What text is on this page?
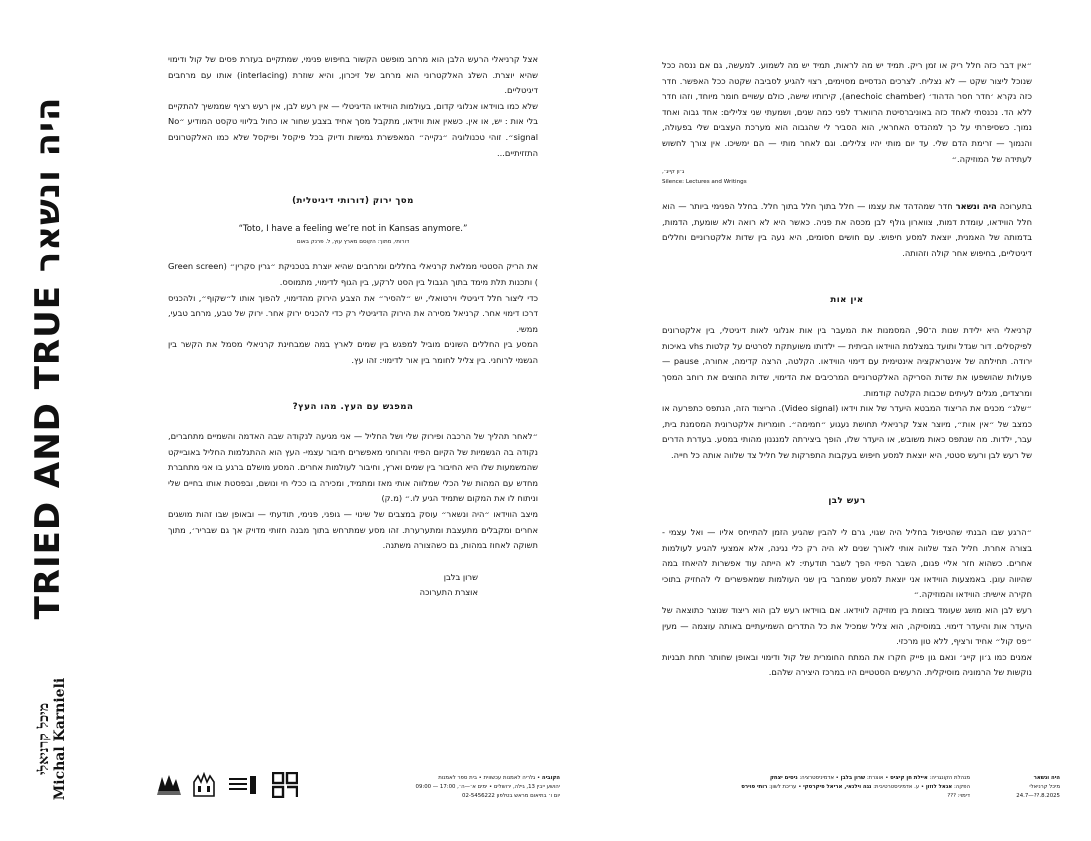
TRIED AND TRUE היה ונשאר
מיכל קרניאלי Michal Karnieli

״אין דבר כזה חלל ריק או זמן ריק. תמיד יש מה לראות, תמיד יש מה לשמוע. למעשה, גם אם ננסה ככל שנוכל ליצור שקט — לא נצליח. לצרכים הנדסיים מסוימים, רצוי להגיע לסביבה שקטה ככל האפשר. חדר כזה נקרא ׳חדר חסר הדהוד׳ (anechoic chamber), קירותיו שישה, כולם עשויים חומר מיוחד, וזהו חדר ללא הד. נכנסתי לאחד כזה באוניברסיטת הרווארד לפני כמה שנים, ושמעתי שני צלילים: אחד גבוה ואחד נמוך. כשסיפרתי על כך למהנדס האחראי, הוא הסביר לי שהגבוה הוא מערכת העצבים שלי בפעולה, והנמוך — זרימת הדם שלי. עד יום מותי יהיו צלילים. וגם לאחר מותי — הם ימשיכו. אין צורך לחשוש לעתידה של המוזיקה.״

ג׳ון קייג׳,
Silence: Lectures and Writings

בתערוכה היה ונשאר חדר שמהדהד את עצמו — חלל בתוך חלל בתוך חלל. בחלל הפנימי ביותר — הוא חלל הווידאו, עומדת דמות, צווארון גולף לבן מכסה את פניה. כאשר היא לא רואה ולא שומעת, הדמות, בדמותה של האמנית, יוצאת למסע חיפוש. עם חושים חסומים, היא נעה בין שדות אלקטרוניים וחללים דיגיטליים, בחיפוש אחר קולה וזהותה.

אין אות

קרניאלי היא ילידת שנות ה־90, המסמנות את המעבר בין אות אנלוגי לאות דיגיטלי, בין אלקטרונים לפיקסלים. דור שגדל ותועד במצלמת הווידאו הביתית — ילדותו משועתקת לסרטים על קלטות vhs באיכות ירודה. תחילתה של אינטראקציה אינטימית עם דימוי הווידאו. הקלטה, הרצה קדימה, אחורה, pause — פעולות שהושפעו את שדות הסריקה האלקטרוניים המרכיבים את הדימוי, שדות החוצים את רוחב המסך ומרצדים, מגלים לעיתים שכבות הקלטה קודמות.

״שלג״ מכנים את הריצוד המבטא היעדר של אות וידאו (Video signal). הריצוד הזה, הנתפס כתפרעה או כמצב של ״אין אות״, מיוצר אצל קרניאלי תחושת נעגוע ״חמימה״. חומריות אלקטרונית המסמנת בית, עבר, ילדות. מה שנתפס כאות משובש, או היעדר שלו, הופך ביצירתה למנגנון מהותי במסע. בעדרת הדרים של רעש לבן ורעש סטטי, היא יוצאת למסע חיפוש בעקבות התפרקות של חליל צד שלווה אותה כל חייה.

רעש לבן

״הרגע שבו הבנתי שהטיפול בחליל היה שגוי, גרם לי להבין שהגיע הזמן להתייחס אליו — ואל עצמי - בצורה אחרת. חליל הצד שלווה אותי לאורך שנים לא היה רק כלי נגינה, אלא אמצעי להגיע לעולמות אחרים. כשהוא חזר אליי פגום, השבר הפיזי הפך לשבר תודעתי: לא הייתה עוד אפשרות להיאחז במה שהיווה עוגן. באמצעות הווידאו אני יוצאת למסע שמחבר בין שני העולמות שמאפשרים לי להחזיק בתוכי חקירה אישית: הווידאו והמוזיקה.״

רעש לבן הוא מושג שעומד בצומת בין מוזיקה לווידאו. אם בווידאו רעש לבן הוא ריצוד שנוצר כתוצאה של היעדר אות והיעדר דימוי. במוסיקה, הוא צליל שמכיל את כל התדרים השמיעתיים באותה עוצמה — מעין ״פס קול״ אחיד ורציף, ללא טון מרכזי.

אמנים כמו ג׳ון קייג׳ ונאם גון פייק חקרו את המתח החומרית של קול ודימוי ובאופן שחותר תחת תבניות נוקשות של הרמוניה מוסיקלית. הרעשים הסטטיים היו במרכז היצירה שלהם.

אצל קרניאלי הרעש הלבן הוא מרחב מופשט הקשור בחיפוש פנימי, שמתקיים בעזרת פסים של קול ודימוי שהיא יוצרת. השלג האלקטרוני הוא מרחב של זיכרון, והיא שוזרת (interlacing) אותו עם מרחבים דיגיטליים.

שלא כמו בווידאו אנלוגי קדום, בעולמות הווידאו הדיגיטלי — אין רעש לבן, אין רעש רציף שממשיך להתקיים בלי אות : יש, או אין. כשאין אות ווידאו, מתקבל מסך אחיד בצבע שחור או כחול בליווי טקסט המודיע ״No signal״. זוהי טכנולוגיה ״נקייה״ המאפשרת גמישות ודיוק בכל פיקסל ופיקסל שלא כמו האלקטרונים התזזיתיים...

מסך ירוק (דורותי דיגיטלית)
“Toto, I have a feeling we’re not in Kansas anymore.”
דורותי, מתוך: הקוסם מארץ עוץ, ל. פרנק באום

את הריק הסטטי ממלאת קרניאלי בחללים ומרחבים שהיא יוצרת בטכניקת ״גרין סקרין״ (Green screen ) ותכנות תלת מימד בתוך הגבול בין הסט לרקע, בין הגוף לדימוי, מתמוסס.

כדי ליצור חלל דיגיטלי וירטואלי, יש ״להסיר״ את הצבע הירוק מהדימוי, להפוך אותו ל״שקוף״, ולהכניס דרכו דימוי אחר. קרניאל מסירה את הירוק הדיגיטלי רק כדי להכניס ירוק אחר. ירוק של טבע, מרחב טבעי, ממשי.

המסע בין החללים השונים מוביל למפגש בין שמים לארץ במה שמבחינת קרניאלי מסמל את הקשר בין הגשמי לרוחני. בין צליל לחומר בין אור לדימוי: זהו עץ.

המפגש עם העץ. מהו העץ?

״לאחר תהליך של הרכבה ופירוק שלי ושל החליל — אני מגיעה לנקודה שבה האדמה והשמיים מתחברים, נקודה בה הגשמיות של הקיום הפיזי והרוחני מאפשרים חיבור עצמי- העץ הוא ההתגלמות החליל באובייקט שהמשמעות שלו היא החיבור בין שמים וארץ, וחיבור לעולמות אחרים. המסע מושלם ברגע בו אני מתחברת מחדש עם המהות של הכלי שמלווה אותי מאז ומתמיד, ומכירה בו ככלי חי ונושם, ובפסטת אותו בחיים שלי וניתוח לו את המקום שתמיד הגיע לו.״ (מ.ק)

מיצב הווידאו ״היה ונשאר״ עוסק במצבים של שינוי — גופני, פנימי, תודעתי — ובאופן שבו זהות מושגים אחרים ומקבלים מתעצבת ומתערערת. זהו מסע שמתרחש בתוך מבנה חזותי מדויק אך גם שבריר׳, מתוך תשוקה לאחוז במהות, גם כשהצורה משתנה.

שרון בלבן
אוצרת התערוכה
היה ונשאר
מיכל קרניאלי
24.7—??.8.2025
מנהלת הקונגריה: איילת חן קיציס • אוצרת: שרון בלבן • אדמיניסטרציה: ניסים יצחק
הפקה: אנאל לוזון • ע. אדמיניסטרטיבית: נגה וילנאי, אריאל פיקרסקי • עריכת לשון: רותי פוירס
דימוי: ???
הקוביה • גלריה לאמנות עכשווית • בית ספר לאמנות
יהושע ייבין 13, גילה, ירושלים • ימים א׳—ה׳, 17:00 — 09:00
יום ו׳ בתיאום מראש בטלפון 02-5456222
